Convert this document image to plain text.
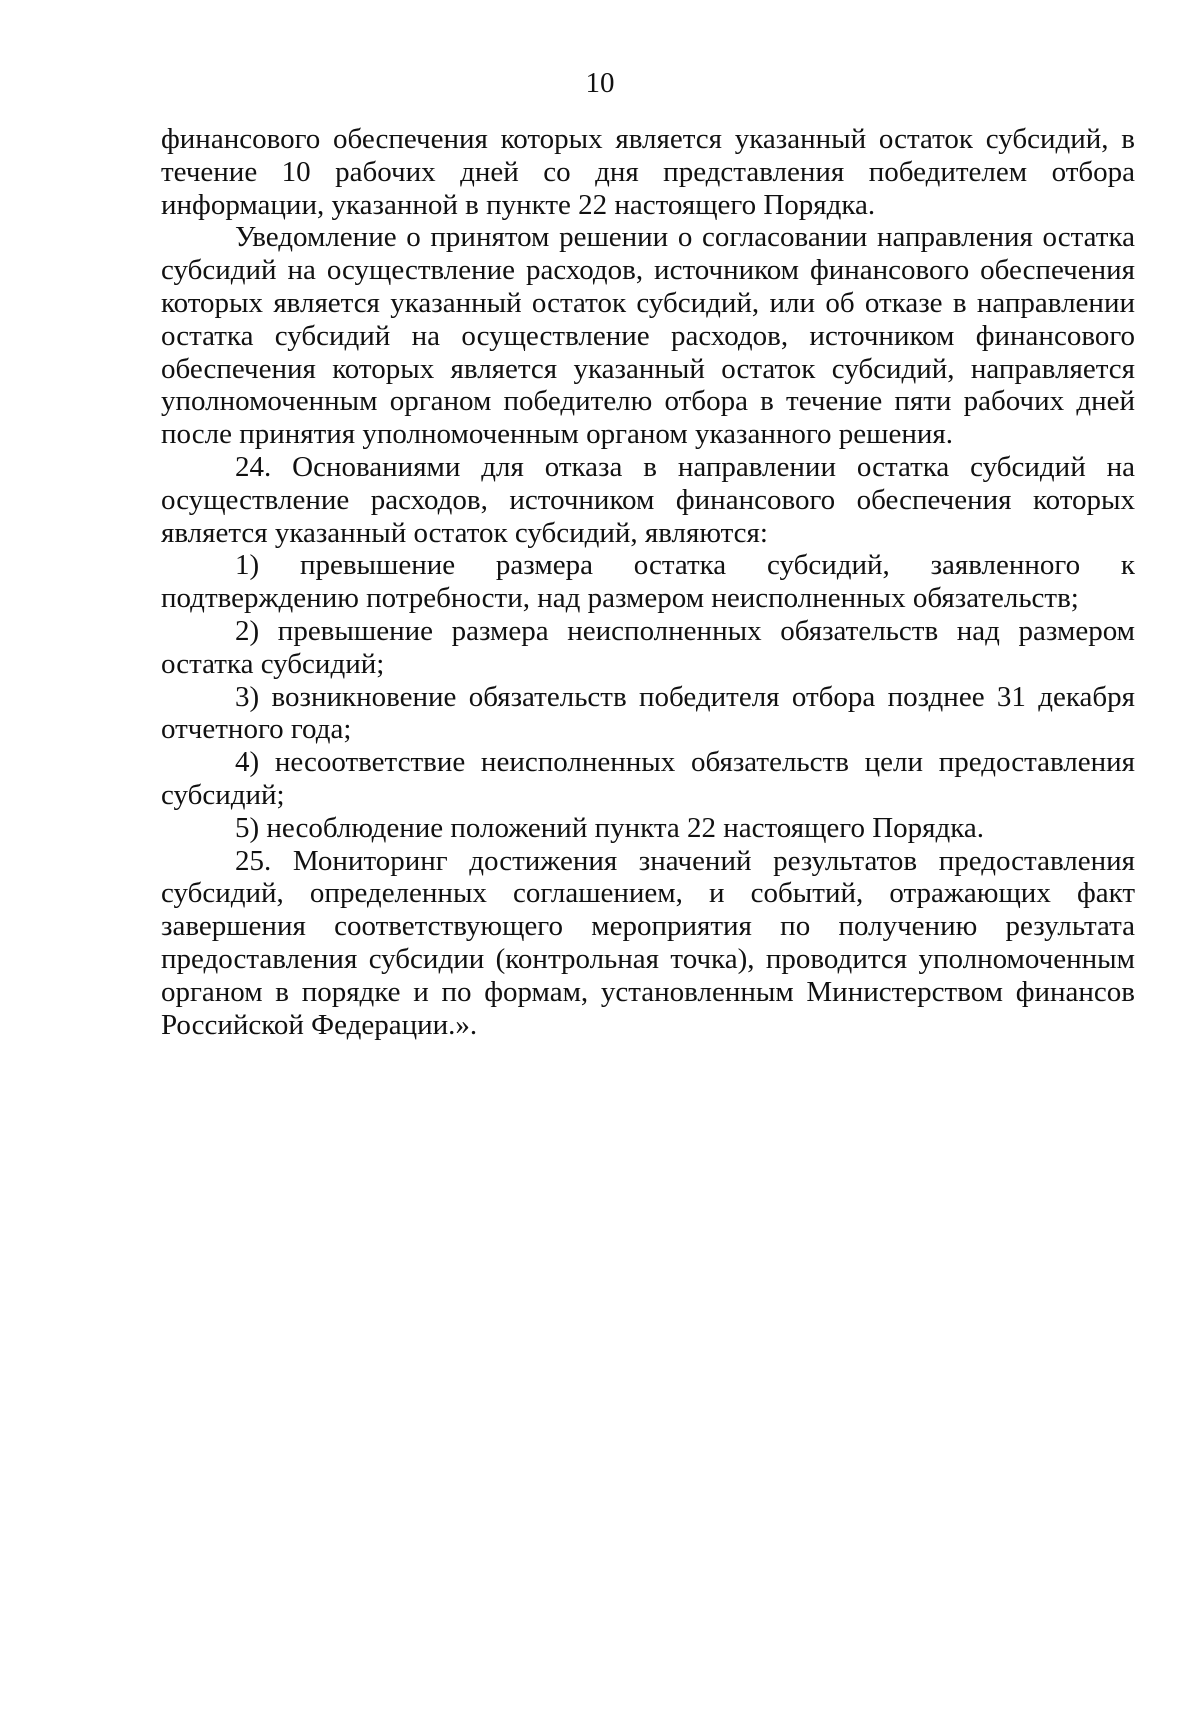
10

финансового обеспечения которых является указанный остаток субсидий, в течение 10 рабочих дней со дня представления победителем отбора информации, указанной в пункте 22 настоящего Порядка.

Уведомление о принятом решении о согласовании направления остатка субсидий на осуществление расходов, источником финансового обеспечения которых является указанный остаток субсидий, или об отказе в направлении остатка субсидий на осуществление расходов, источником финансового обеспечения которых является указанный остаток субсидий, направляется уполномоченным органом победителю отбора в течение пяти рабочих дней после принятия уполномоченным органом указанного решения.

24. Основаниями для отказа в направлении остатка субсидий на осуществление расходов, источником финансового обеспечения которых является указанный остаток субсидий, являются:

1) превышение размера остатка субсидий, заявленного к подтверждению потребности, над размером неисполненных обязательств;

2) превышение размера неисполненных обязательств над размером остатка субсидий;

3) возникновение обязательств победителя отбора позднее 31 декабря отчетного года;

4) несоответствие неисполненных обязательств цели предоставления субсидий;

5) несоблюдение положений пункта 22 настоящего Порядка.

25. Мониторинг достижения значений результатов предоставления субсидий, определенных соглашением, и событий, отражающих факт завершения соответствующего мероприятия по получению результата предоставления субсидии (контрольная точка), проводится уполномоченным органом в порядке и по формам, установленным Министерством финансов Российской Федерации.».
